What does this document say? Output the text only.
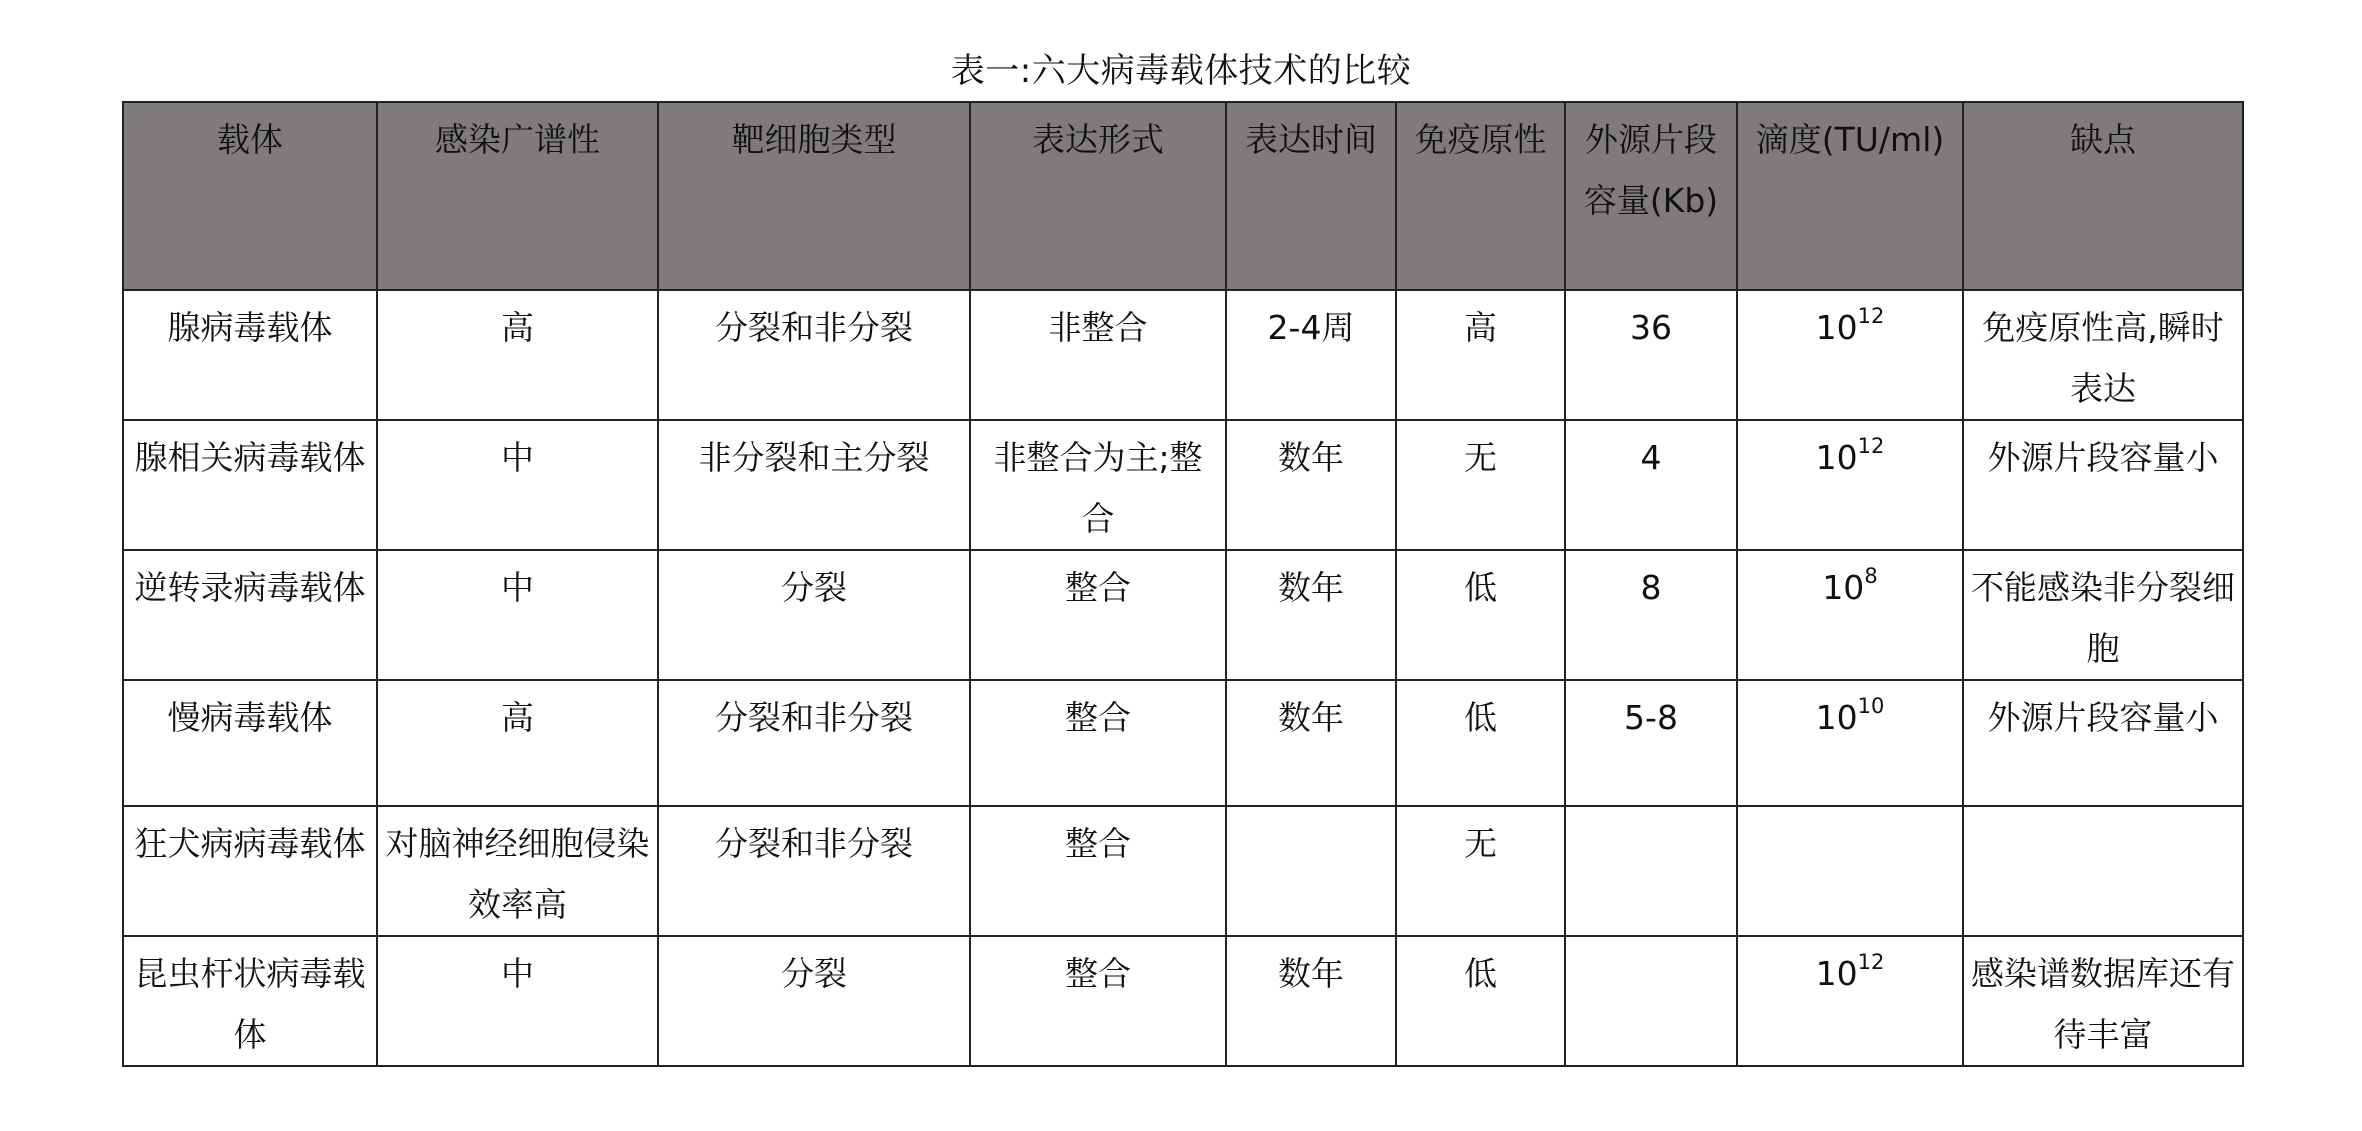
表一:六大病毒载体技术的比较
载体	感染广谱性	靶细胞类型	表达形式	表达时间	免疫原性	外源片段容量(Kb)	滴度(TU/ml)	缺点
腺病毒载体	高	分裂和非分裂	非整合	2-4周	高	36	$10^{12}$	免疫原性高,瞬时表达
腺相关病毒载体	中	非分裂和主分裂	非整合为主;整合	数年	无	4	$10^{12}$	外源片段容量小
逆转录病毒载体	中	分裂	整合	数年	低	8	$10^8$	不能感染非分裂细胞
慢病毒载体	高	分裂和非分裂	整合	数年	低	5-8	$10^{10}$	外源片段容量小
狂犬病病毒载体	对脑神经细胞侵染效率高	分裂和非分裂	整合		无			
昆虫杆状病毒载体	中	分裂	整合	数年	低		$10^{12}$	感染谱数据库还有待丰富
